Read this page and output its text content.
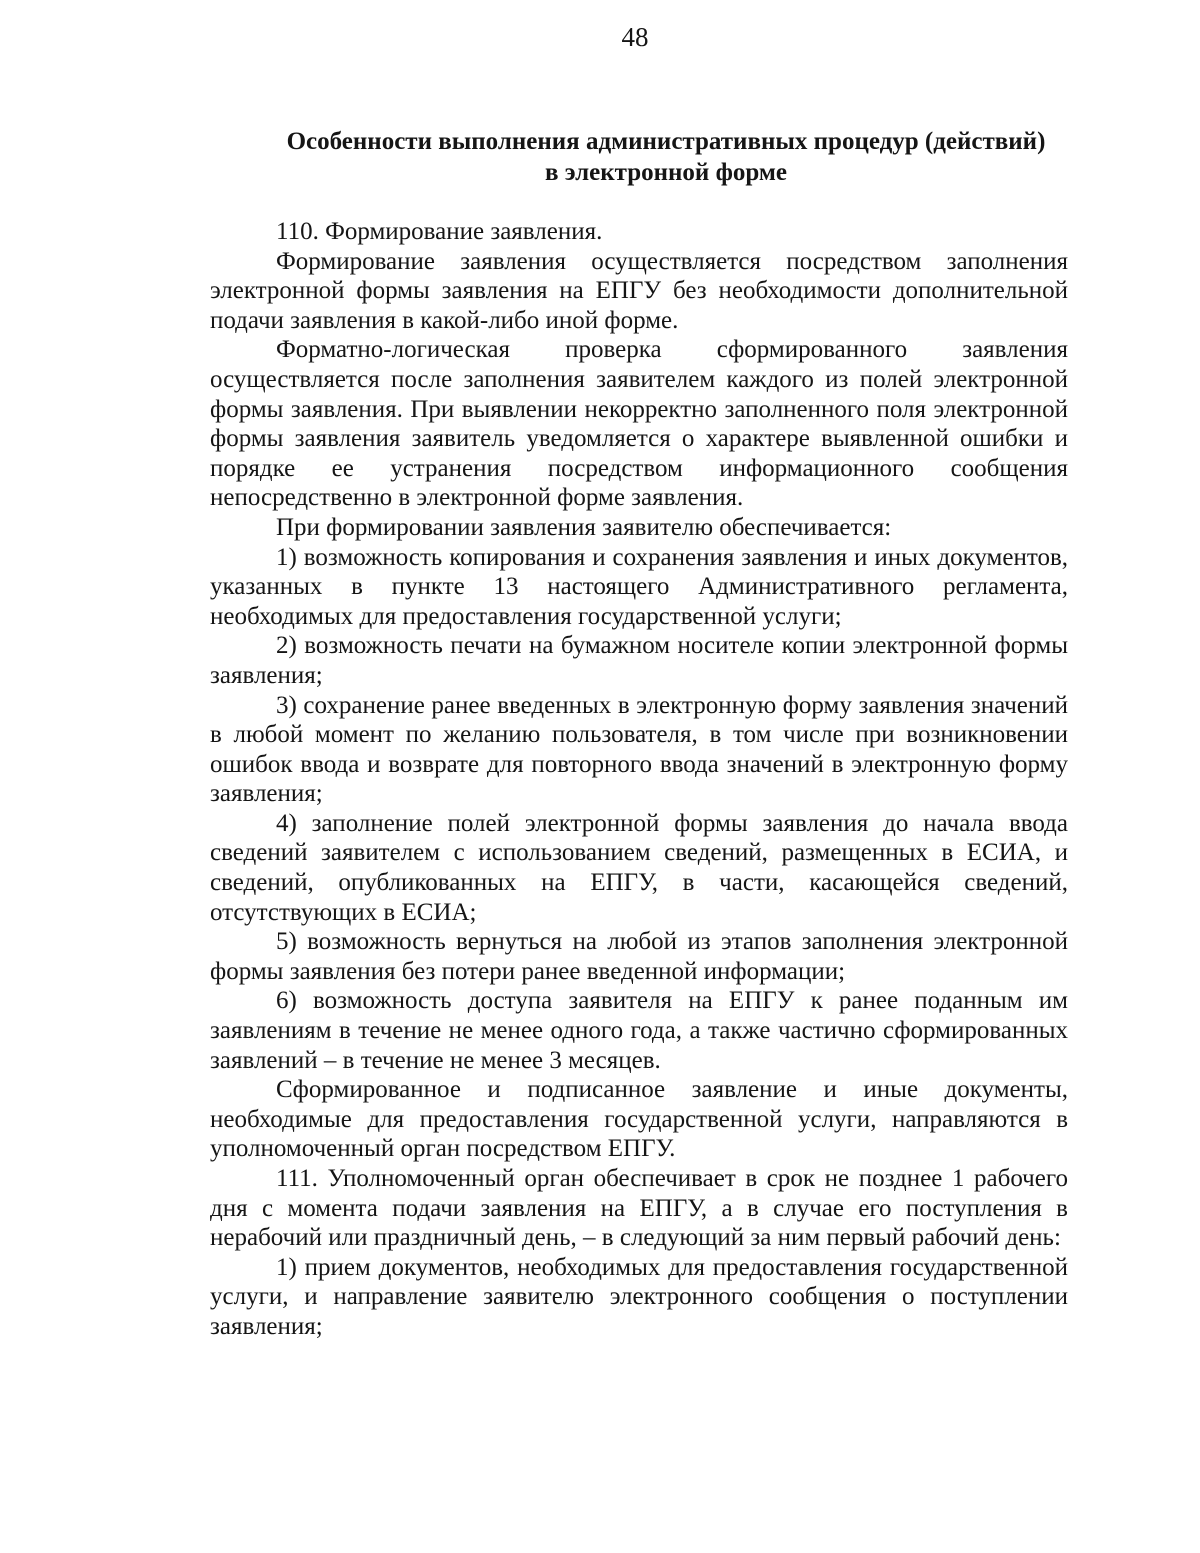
48
Особенности выполнения административных процедур (действий)
в электронной форме

110. Формирование заявления.

Формирование заявления осуществляется посредством заполнения электронной формы заявления на ЕПГУ без необходимости дополнительной подачи заявления в какой-либо иной форме.

Форматно-логическая проверка сформированного заявления осуществляется после заполнения заявителем каждого из полей электронной формы заявления. При выявлении некорректно заполненного поля электронной формы заявления заявитель уведомляется о характере выявленной ошибки и порядке ее устранения посредством информационного сообщения непосредственно в электронной форме заявления.

При формировании заявления заявителю обеспечивается:

1) возможность копирования и сохранения заявления и иных документов, указанных в пункте 13 настоящего Административного регламента, необходимых для предоставления государственной услуги;

2) возможность печати на бумажном носителе копии электронной формы заявления;

3) сохранение ранее введенных в электронную форму заявления значений в любой момент по желанию пользователя, в том числе при возникновении ошибок ввода и возврате для повторного ввода значений в электронную форму заявления;

4) заполнение полей электронной формы заявления до начала ввода сведений заявителем с использованием сведений, размещенных в ЕСИА, и сведений, опубликованных на ЕПГУ, в части, касающейся сведений, отсутствующих в ЕСИА;

5) возможность вернуться на любой из этапов заполнения электронной формы заявления без потери ранее введенной информации;

6) возможность доступа заявителя на ЕПГУ к ранее поданным им заявлениям в течение не менее одного года, а также частично сформированных заявлений – в течение не менее 3 месяцев.

Сформированное и подписанное заявление и иные документы, необходимые для предоставления государственной услуги, направляются в уполномоченный орган посредством ЕПГУ.

111. Уполномоченный орган обеспечивает в срок не позднее 1 рабочего дня с момента подачи заявления на ЕПГУ, а в случае его поступления в нерабочий или праздничный день, – в следующий за ним первый рабочий день:

1) прием документов, необходимых для предоставления государственной услуги, и направление заявителю электронного сообщения о поступлении заявления;
